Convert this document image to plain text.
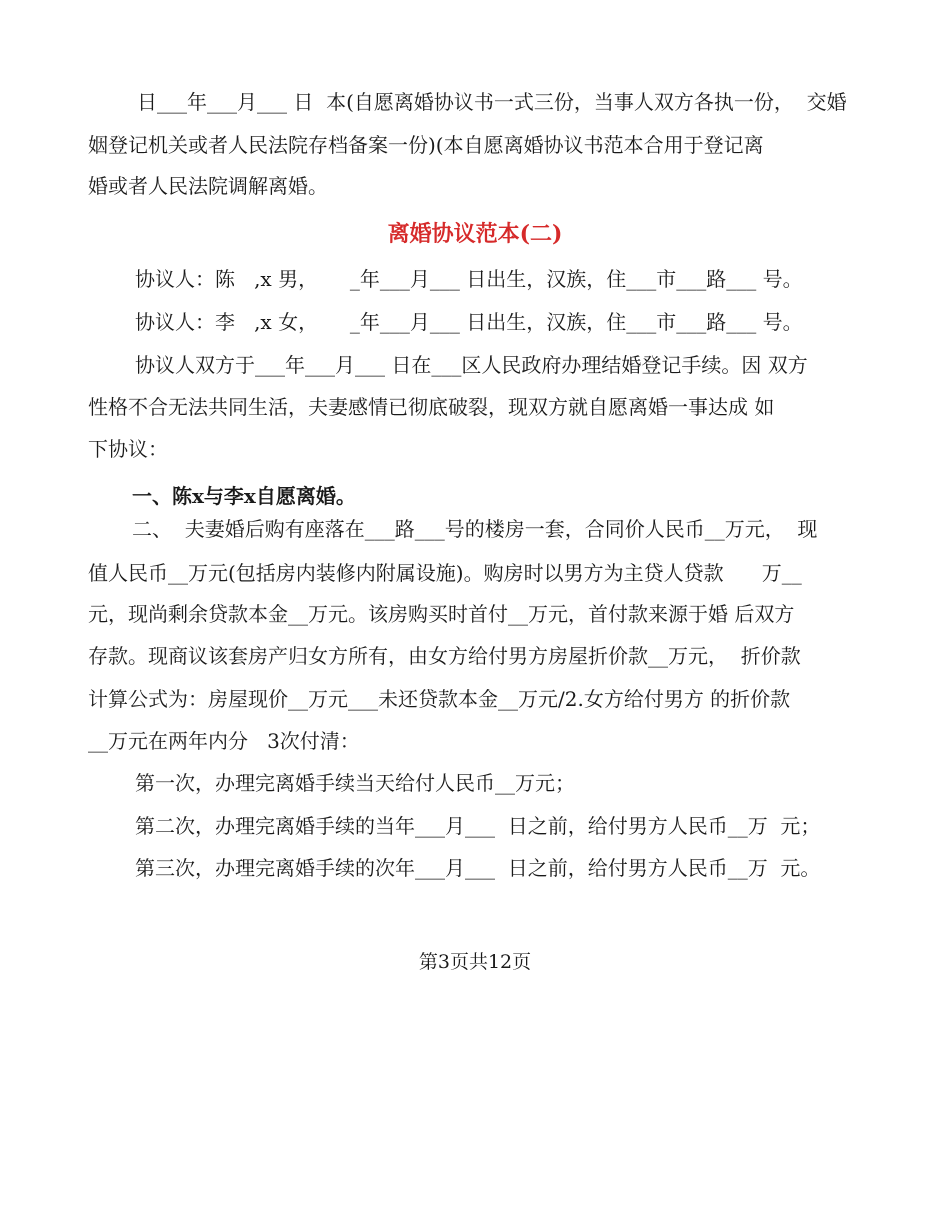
日___年___月___ 日  本(自愿离婚协议书一式三份，当事人双方各执一份，  交婚
姻登记机关或者人民法院存档备案一份)(本自愿离婚协议书范本合用于登记离
婚或者人民法院调解离婚。
离婚协议范本(二)
协议人：陈   ,x 男，     _年___月___ 日出生，汉族，住___市___路___ 号。
协议人：李   ,x 女，     _年___月___ 日出生，汉族，住___市___路___ 号。
协议人双方于___年___月___ 日在___区人民政府办理结婚登记手续。因 双方
性格不合无法共同生活，夫妻感情已彻底破裂，现双方就自愿离婚一事达成 如
下协议：
一、陈x与李x自愿离婚。
二、  夫妻婚后购有座落在___路___号的楼房一套，合同价人民币__万元，  现
值人民币__万元(包括房内装修内附属设施)。购房时以男方为主贷人贷款      万__
元，现尚剩余贷款本金__万元。该房购买时首付__万元，首付款来源于婚 后双方
存款。现商议该套房产归女方所有，由女方给付男方房屋折价款__万元，  折价款
计算公式为：房屋现价__万元___未还贷款本金__万元/2.女方给付男方 的折价款
__万元在两年内分   3次付清：
第一次，办理完离婚手续当天给付人民币__万元；
第二次，办理完离婚手续的当年___月___  日之前，给付男方人民币__万  元；
第三次，办理完离婚手续的次年___月___  日之前，给付男方人民币__万  元。
第3页共12页
